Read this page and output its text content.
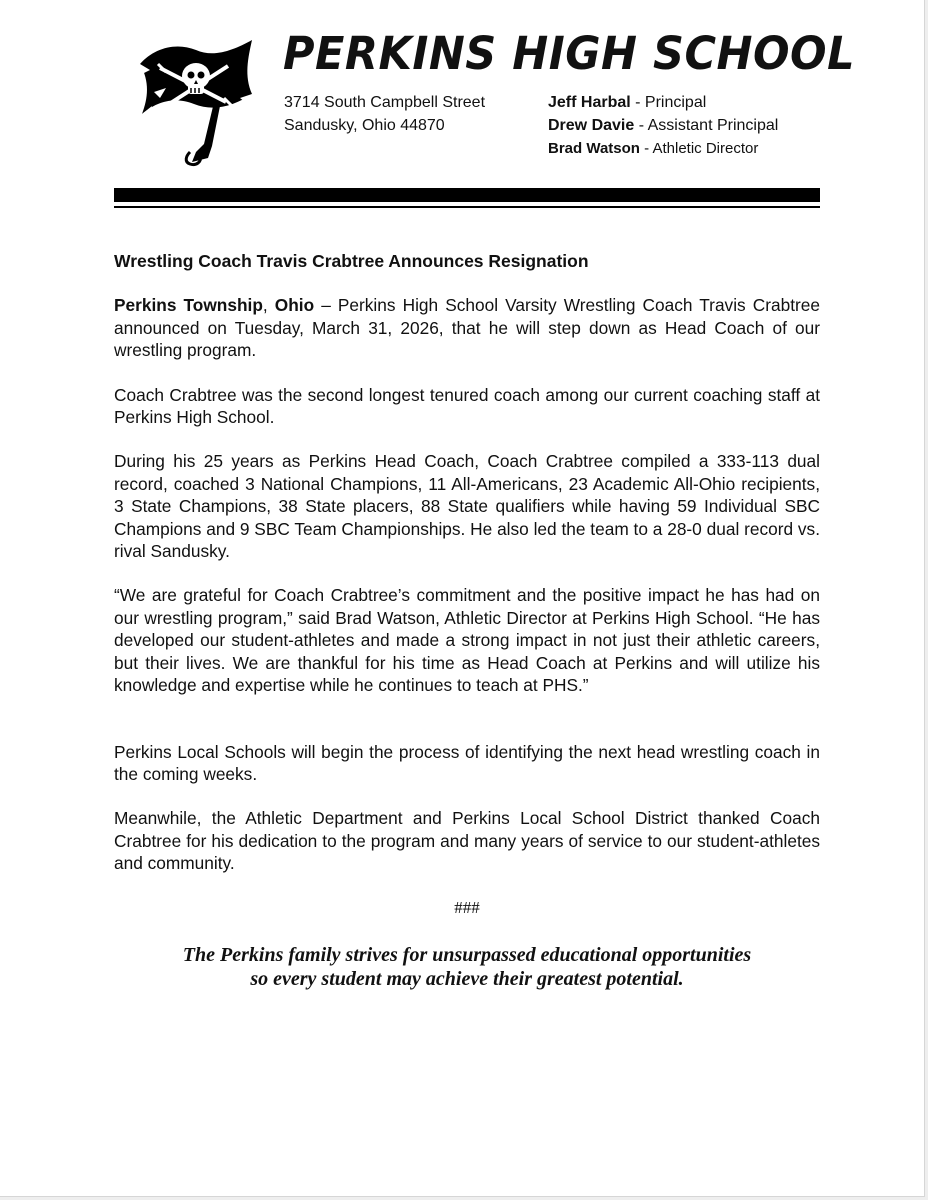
PERKINS HIGH SCHOOL
3714 South Campbell Street
Sandusky, Ohio 44870
Jeff Harbal - Principal
Drew Davie - Assistant Principal
Brad Watson - Athletic Director
Wrestling Coach Travis Crabtree Announces Resignation

Perkins Township, Ohio – Perkins High School Varsity Wrestling Coach Travis Crabtree announced on Tuesday, March 31, 2026, that he will step down as Head Coach of our wrestling program.

Coach Crabtree was the second longest tenured coach among our current coaching staff at Perkins High School.

During his 25 years as Perkins Head Coach, Coach Crabtree compiled a 333-113 dual record, coached 3 National Champions, 11 All-Americans, 23 Academic All-Ohio recipients, 3 State Champions, 38 State placers, 88 State qualifiers while having 59 Individual SBC Champions and 9 SBC Team Championships. He also led the team to a 28-0 dual record vs. rival Sandusky.

“We are grateful for Coach Crabtree’s commitment and the positive impact he has had on our wrestling program,” said Brad Watson, Athletic Director at Perkins High School. “He has developed our student-athletes and made a strong impact in not just their athletic careers, but their lives. We are thankful for his time as Head Coach at Perkins and will utilize his knowledge and expertise while he continues to teach at PHS.”

Perkins Local Schools will begin the process of identifying the next head wrestling coach in the coming weeks.

Meanwhile, the Athletic Department and Perkins Local School District thanked Coach Crabtree for his dedication to the program and many years of service to our student-athletes and community.

###
The Perkins family strives for unsurpassed educational opportunities
so every student may achieve their greatest potential.
